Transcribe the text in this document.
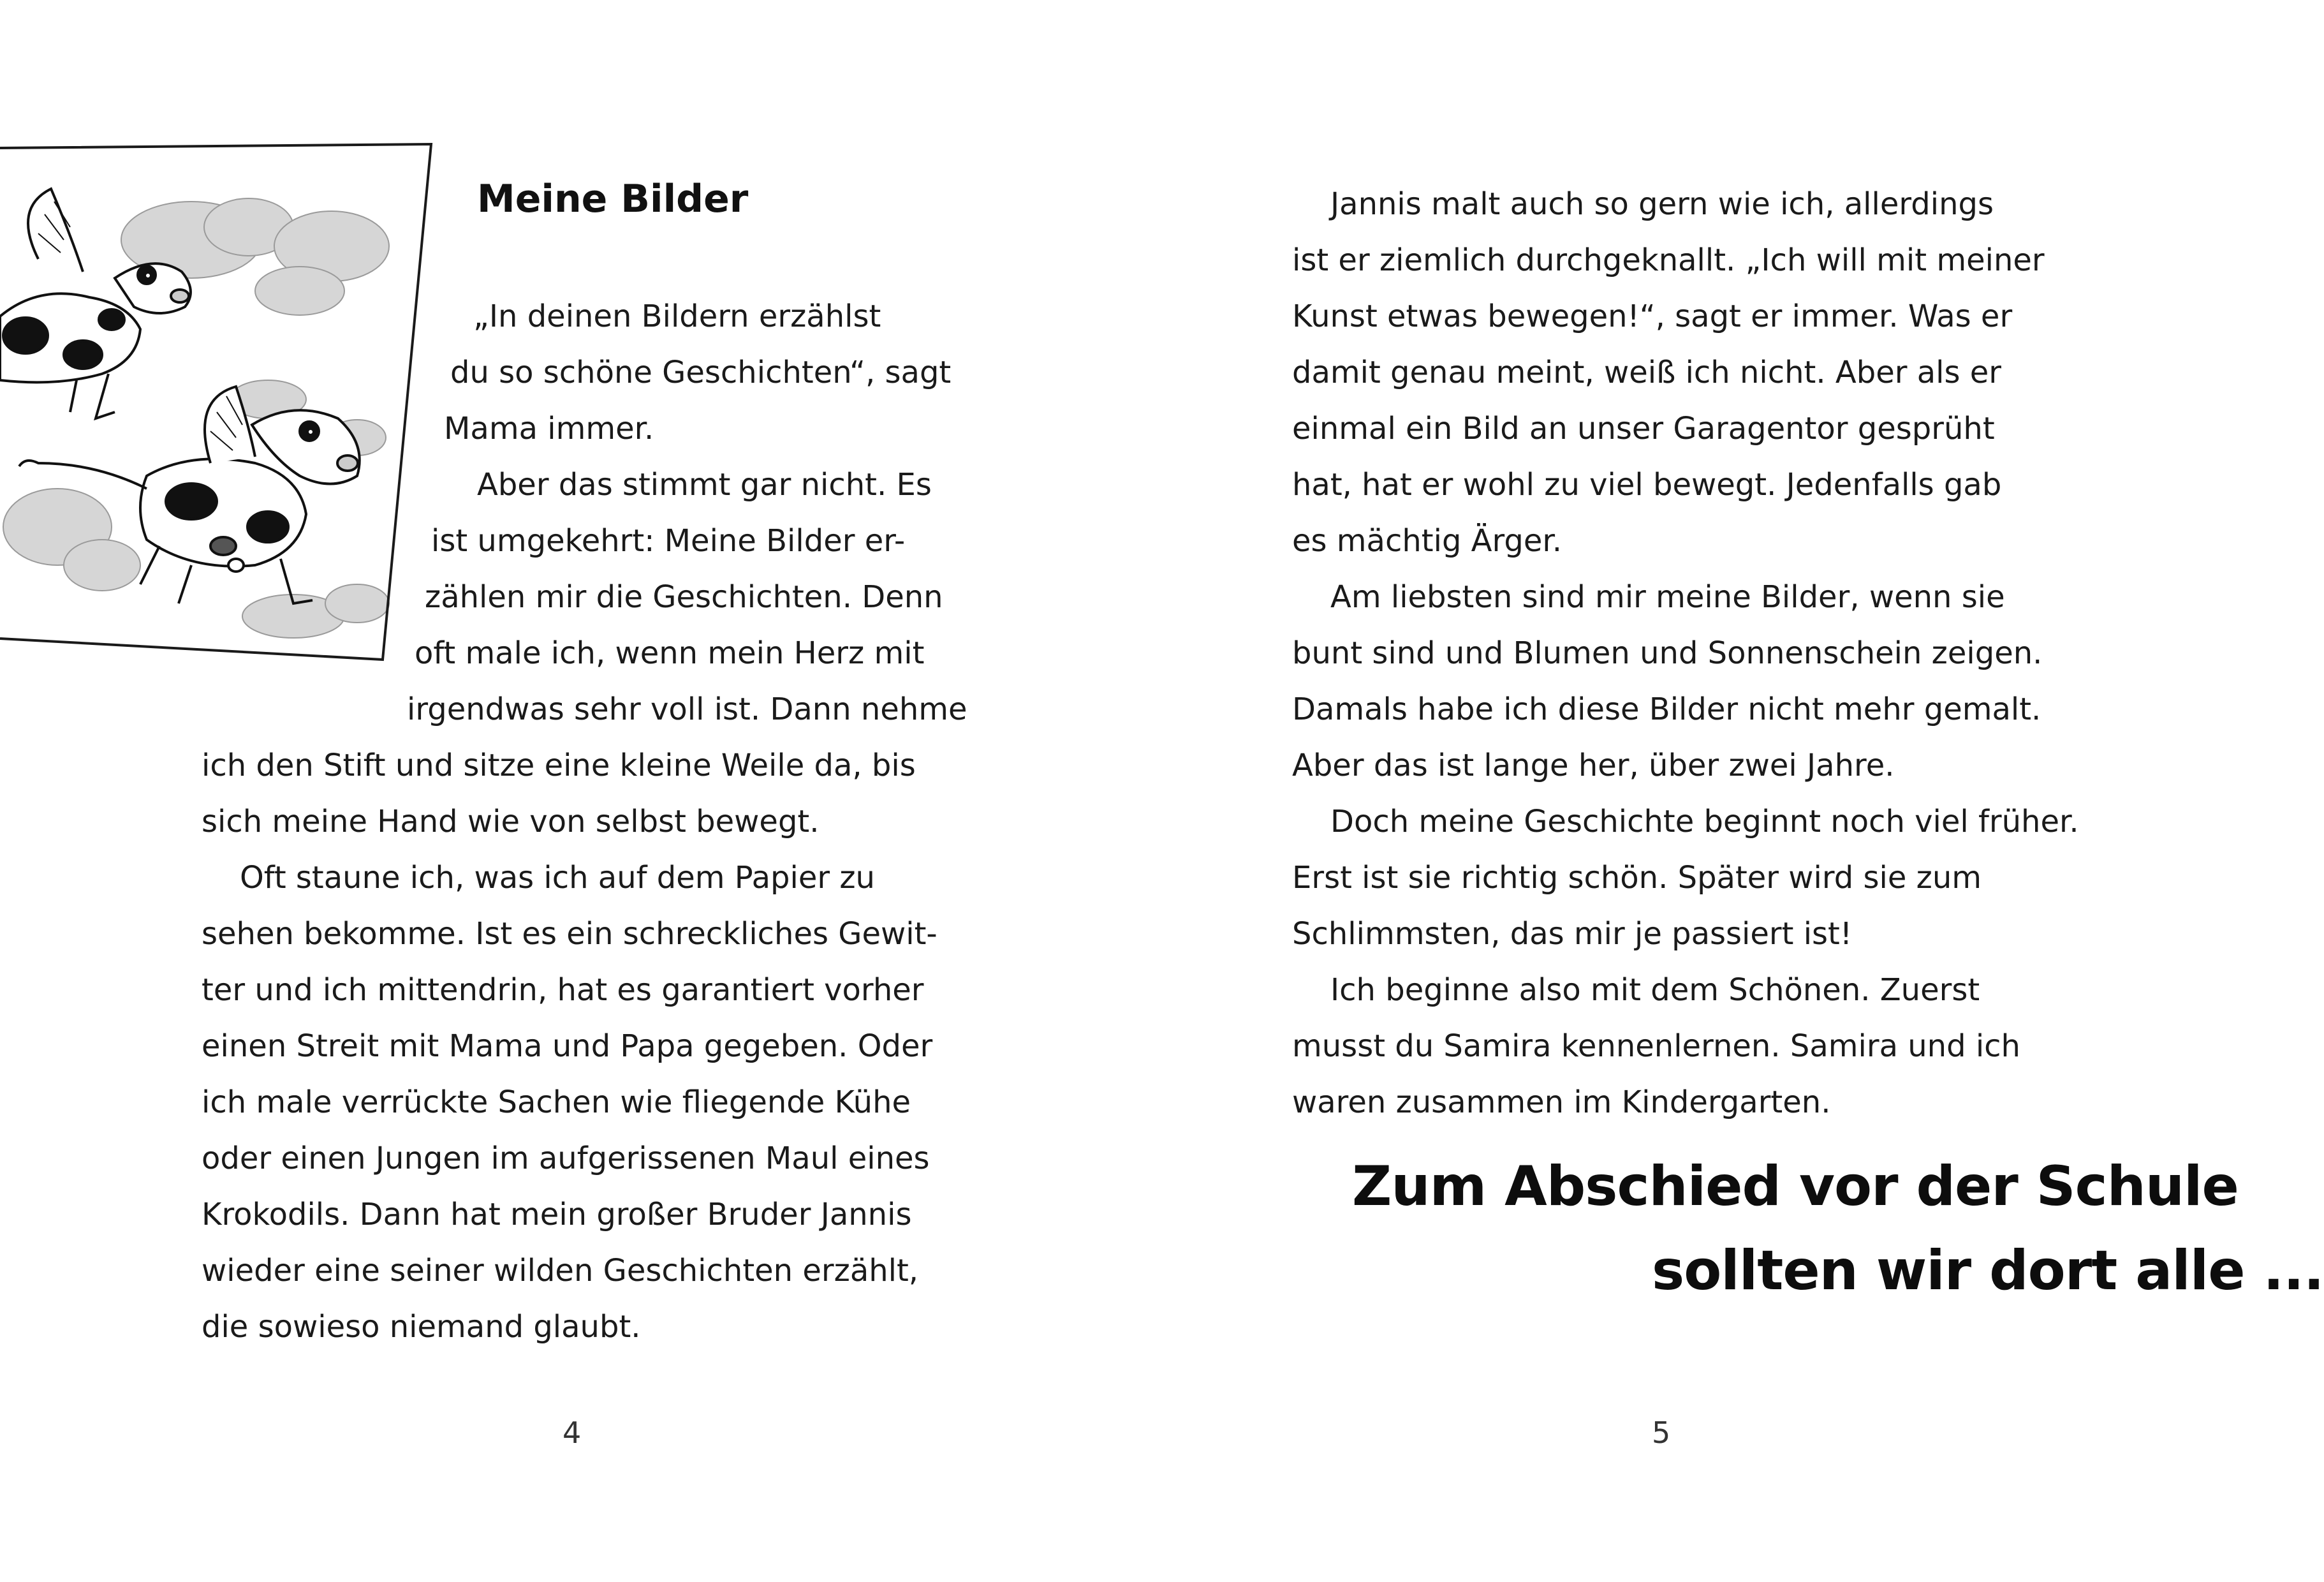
Meine Bilder

„In deinen Bildern erzählst

du so schöne Geschichten“, sagt

Mama immer.

Aber das stimmt gar nicht. Es

ist umgekehrt: Meine Bilder er-

zählen mir die Geschichten. Denn

oft male ich, wenn mein Herz mit

irgendwas sehr voll ist. Dann nehme

ich den Stift und sitze eine kleine Weile da, bis

sich meine Hand wie von selbst bewegt.

Oft staune ich, was ich auf dem Papier zu

sehen bekomme. Ist es ein schreckliches Gewit-

ter und ich mittendrin, hat es garantiert vorher

einen Streit mit Mama und Papa gegeben. Oder

ich male verrückte Sachen wie fliegende Kühe

oder einen Jungen im aufgerissenen Maul eines

Krokodils. Dann hat mein großer Bruder Jannis

wieder eine seiner wilden Geschichten erzählt,

die sowieso niemand glaubt.

4

Jannis malt auch so gern wie ich, allerdings

ist er ziemlich durchgeknallt. „Ich will mit meiner

Kunst etwas bewegen!“, sagt er immer. Was er

damit genau meint, weiß ich nicht. Aber als er

einmal ein Bild an unser Garagentor gesprüht

hat, hat er wohl zu viel bewegt. Jedenfalls gab

es mächtig Ärger.

Am liebsten sind mir meine Bilder, wenn sie

bunt sind und Blumen und Sonnenschein zeigen.

Damals habe ich diese Bilder nicht mehr gemalt.

Aber das ist lange her, über zwei Jahre.

Doch meine Geschichte beginnt noch viel früher.

Erst ist sie richtig schön. Später wird sie zum

Schlimmsten, das mir je passiert ist!

Ich beginne also mit dem Schönen. Zuerst

musst du Samira kennenlernen. Samira und ich

waren zusammen im Kindergarten.

Zum Abschied vor der Schule
sollten wir dort alle ...
5
